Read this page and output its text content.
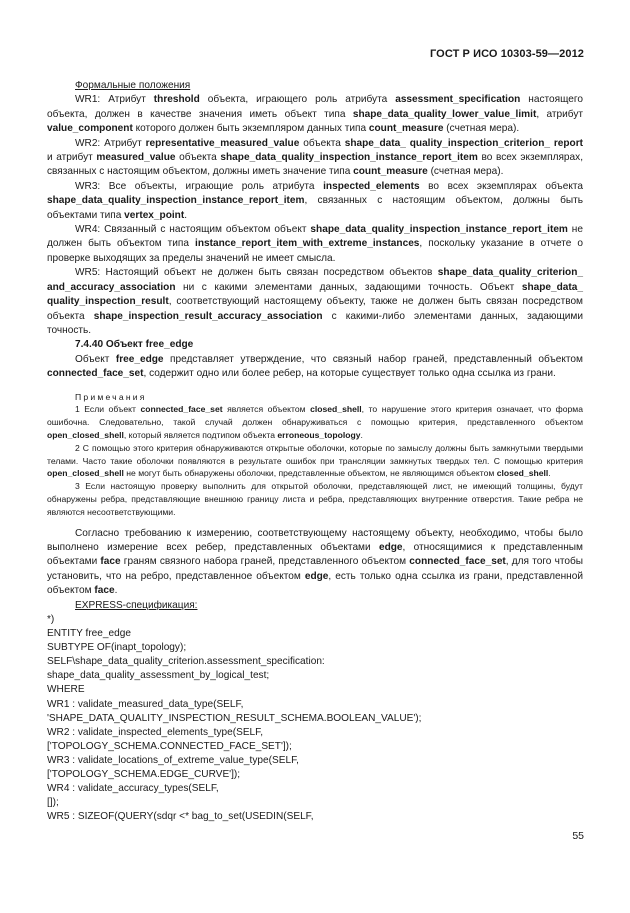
ГОСТ Р ИСО 10303-59—2012

Формальные положения

WR1: Атрибут threshold объекта, играющего роль атрибута assessment_specification настоящего объекта, должен в качестве значения иметь объект типа shape_data_quality_lower_value_limit, атрибут value_component которого должен быть экземпляром данных типа count_measure (счетная мера).

WR2: Атрибут representative_measured_value объекта shape_data_ quality_inspection_criterion_ report и атрибут measured_value объекта shape_data_quality_inspection_instance_report_item во всех экземплярах, связанных с настоящим объектом, должны иметь значение типа count_measure (счетная мера).

WR3: Все объекты, играющие роль атрибута inspected_elements во всех экземплярах объекта shape_data_quality_inspection_instance_report_item, связанных с настоящим объектом, должны быть объектами типа vertex_point.

WR4: Связанный с настоящим объектом объект shape_data_quality_inspection_instance_report_item не должен быть объектом типа instance_report_item_with_extreme_instances, поскольку указание в отчете о проверке выходящих за пределы значений не имеет смысла.

WR5: Настоящий объект не должен быть связан посредством объектов shape_data_quality_criterion_ and_accuracy_association ни с какими элементами данных, задающими точность. Объект shape_data_ quality_inspection_result, соответствующий настоящему объекту, также не должен быть связан посредством объекта shape_inspection_result_accuracy_association с какими-либо элементами данных, задающими точность.

7.4.40 Объект free_edge

Объект free_edge представляет утверждение, что связный набор граней, представленный объектом connected_face_set, содержит одно или более ребер, на которые существует только одна ссылка из грани.

Примечания

1 Если объект connected_face_set является объектом closed_shell, то нарушение этого критерия означает, что форма ошибочна. Следовательно, такой случай должен обнаруживаться с помощью критерия, представленного объектом open_closed_shell, который является подтипом объекта erroneous_topology.

2 С помощью этого критерия обнаруживаются открытые оболочки, которые по замыслу должны быть замкнутыми твердыми телами. Часто такие оболочки появляются в результате ошибок при трансляции замкнутых твердых тел. С помощью критерия open_closed_shell не могут быть обнаружены оболочки, представленные объектом, не являющимся объектом closed_shell.

3 Если настоящую проверку выполнить для открытой оболочки, представляющей лист, не имеющий толщины, будут обнаружены ребра, представляющие внешнюю границу листа и ребра, представляющих внутренние отверстия. Такие ребра не являются несоответствующими.

Согласно требованию к измерению, соответствующему настоящему объекту, необходимо, чтобы было выполнено измерение всех ребер, представленных объектами edge, относящимися к представленным объектами face граням связного набора граней, представленного объектом connected_face_set, для того чтобы установить, что на ребро, представленное объектом edge, есть только одна ссылка из грани, представленной объектом face.

EXPRESS-спецификация:

*)
ENTITY free_edge
SUBTYPE OF(inapt_topology);
SELF\shape_data_quality_criterion.assessment_specification:
shape_data_quality_assessment_by_logical_test;
WHERE
WR1 : validate_measured_data_type(SELF,
'SHAPE_DATA_QUALITY_INSPECTION_RESULT_SCHEMA.BOOLEAN_VALUE');
WR2 : validate_inspected_elements_type(SELF,
['TOPOLOGY_SCHEMA.CONNECTED_FACE_SET']);
WR3 : validate_locations_of_extreme_value_type(SELF,
['TOPOLOGY_SCHEMA.EDGE_CURVE']);
WR4 : validate_accuracy_types(SELF,
[]);
WR5 : SIZEOF(QUERY(sdqr <* bag_to_set(USEDIN(SELF,
55
